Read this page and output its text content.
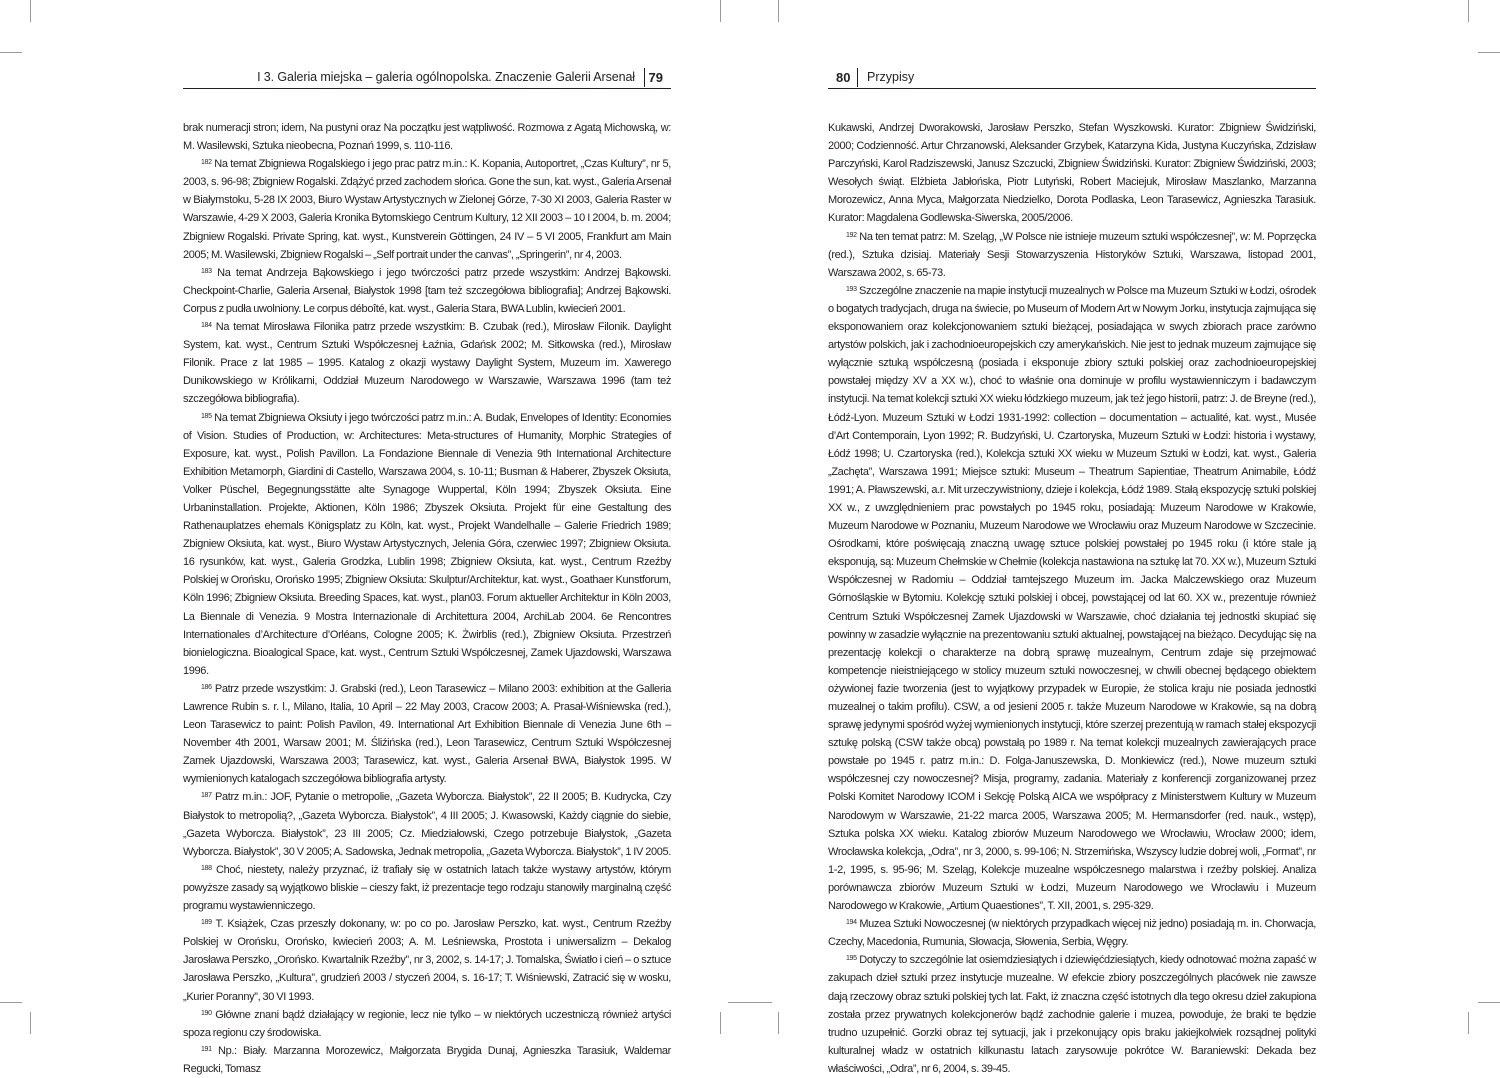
I 3. Galeria miejska – galeria ogólnopolska. Znaczenie Galerii Arsenał 79

brak numeracji stron; idem, Na pustyni oraz Na początku jest wątpliwość. Rozmowa z Agatą Michowską, w: M. Wasilewski, Sztuka nieobecna, Poznań 1999, s. 110-116.

$^{182}$ Na temat Zbigniewa Rogalskiego i jego prac patrz m.in.: K. Kopania, Autoportret, „Czas Kultury”, nr 5, 2003, s. 96-98; Zbigniew Rogalski. Zdążyć przed zachodem słońca. Gone the sun, kat. wyst., Galeria Arsenał w Białymstoku, 5-28 IX 2003, Biuro Wystaw Artystycznych w Zielonej Górze, 7-30 XI 2003, Galeria Raster w Warszawie, 4-29 X 2003, Galeria Kronika Bytomskiego Centrum Kultury, 12 XII 2003 – 10 I 2004, b. m. 2004; Zbigniew Rogalski. Private Spring, kat. wyst., Kunstverein Göttingen, 24 IV – 5 VI 2005, Frankfurt am Main 2005; M. Wasilewski, Zbigniew Rogalski – „Self portrait under the canvas”, „Springerin”, nr 4, 2003.

$^{183}$ Na temat Andrzeja Bąkowskiego i jego twórczości patrz przede wszystkim: Andrzej Bąkowski. Checkpoint-Charlie, Galeria Arsenał, Białystok 1998 [tam też szczegółowa bibliografia]; Andrzej Bąkowski. Corpus z pudła uwolniony. Le corpus déboîté, kat. wyst., Galeria Stara, BWA Lublin, kwiecień 2001.

$^{184}$ Na temat Mirosława Filonika patrz przede wszystkim: B. Czubak (red.), Mirosław Filonik. Daylight System, kat. wyst., Centrum Sztuki Współczesnej Łaźnia, Gdańsk 2002; M. Sitkowska (red.), Mirosław Filonik. Prace z lat 1985 – 1995. Katalog z okazji wystawy Daylight System, Muzeum im. Xawerego Dunikowskiego w Królikarni, Oddział Muzeum Narodowego w Warszawie, Warszawa 1996 (tam też szczegółowa bibliografia).

$^{185}$ Na temat Zbigniewa Oksiuty i jego twórczości patrz m.in.: A. Budak, Envelopes of Identity: Economies of Vision. Studies of Production, w: Architectures: Meta-structures of Humanity, Morphic Strategies of Exposure, kat. wyst., Polish Pavillon. La Fondazione Biennale di Venezia 9th International Architecture Exhibition Metamorph, Giardini di Castello, Warszawa 2004, s. 10-11; Busman & Haberer, Zbyszek Oksiuta, Volker Püschel, Begegnungsstätte alte Synagoge Wuppertal, Köln 1994; Zbyszek Oksiuta. Eine Urbaninstallation. Projekte, Aktionen, Köln 1986; Zbyszek Oksiuta. Projekt für eine Gestaltung des Rathenauplatzes ehemals Königsplatz zu Köln, kat. wyst., Projekt Wandelhalle – Galerie Friedrich 1989; Zbigniew Oksiuta, kat. wyst., Biuro Wystaw Artystycznych, Jelenia Góra, czerwiec 1997; Zbigniew Oksiuta. 16 rysunków, kat. wyst., Galeria Grodzka, Lublin 1998; Zbigniew Oksiuta, kat. wyst., Centrum Rzeźby Polskiej w Orońsku, Orońsko 1995; Zbigniew Oksiuta: Skulptur/Architektur, kat. wyst., Goathaer Kunstforum, Köln 1996; Zbigniew Oksiuta. Breeding Spaces, kat. wyst., plan03. Forum aktueller Architektur in Köln 2003, La Biennale di Venezia. 9 Mostra Internazionale di Architettura 2004, ArchiLab 2004. 6e Rencontres Internationales d’Architecture d’Orléans, Cologne 2005; K. Żwirblis (red.), Zbigniew Oksiuta. Przestrzeń bionielogiczna. Bioalogical Space, kat. wyst., Centrum Sztuki Współczesnej, Zamek Ujazdowski, Warszawa 1996.

$^{186}$ Patrz przede wszystkim: J. Grabski (red.), Leon Tarasewicz – Milano 2003: exhibition at the Galleria Lawrence Rubin s. r. l., Milano, Italia, 10 April – 22 May 2003, Cracow 2003; A. Prasał-Wiśniewska (red.), Leon Tarasewicz to paint: Polish Pavilon, 49. International Art Exhibition Biennale di Venezia June 6th – November 4th 2001, Warsaw 2001; M. Śliźińska (red.), Leon Tarasewicz, Centrum Sztuki Współczesnej Zamek Ujazdowski, Warszawa 2003; Tarasewicz, kat. wyst., Galeria Arsenał BWA, Białystok 1995. W wymienionych katalogach szczegółowa bibliografia artysty.

$^{187}$ Patrz m.in.: JOF, Pytanie o metropolie, „Gazeta Wyborcza. Białystok”, 22 II 2005; B. Kudrycka, Czy Białystok to metropolią?, „Gazeta Wyborcza. Białystok”, 4 III 2005; J. Kwasowski, Każdy ciągnie do siebie, „Gazeta Wyborcza. Białystok”, 23 III 2005; Cz. Miedziałowski, Czego potrzebuje Białystok, „Gazeta Wyborcza. Białystok”, 30 V 2005; A. Sadowska, Jednak metropolia, „Gazeta Wyborcza. Białystok”, 1 IV 2005.

$^{188}$ Choć, niestety, należy przyznać, iż trafiały się w ostatnich latach także wystawy artystów, którym powyższe zasady są wyjątkowo bliskie – cieszy fakt, iż prezentacje tego rodzaju stanowiły marginalną część programu wystawienniczego.

$^{189}$ T. Książek, Czas przeszły dokonany, w: po co po. Jarosław Perszko, kat. wyst., Centrum Rzeźby Polskiej w Orońsku, Orońsko, kwiecień 2003; A. M. Leśniewska, Prostota i uniwersalizm – Dekalog Jarosława Perszko, „Orońsko. Kwartalnik Rzeźby”, nr 3, 2002, s. 14-17; J. Tomalska, Światło i cień – o sztuce Jarosława Perszko, „Kultura”, grudzień 2003 / styczeń 2004, s. 16-17; T. Wiśniewski, Zatracić się w wosku, „Kurier Poranny”, 30 VI 1993.

$^{190}$ Główne znani bądź działający w regionie, lecz nie tylko – w niektórych uczestniczą również artyści spoza regionu czy środowiska.

$^{191}$ Np.: Biały. Marzanna Morozewicz, Małgorzata Brygida Dunaj, Agnieszka Tarasiuk, Waldemar Regucki, Tomasz

80 Przypisy

Kukawski, Andrzej Dworakowski, Jarosław Perszko, Stefan Wyszkowski. Kurator: Zbigniew Świdziński, 2000; Codzienność. Artur Chrzanowski, Aleksander Grzybek, Katarzyna Kida, Justyna Kuczyńska, Zdzisław Parczyński, Karol Radziszewski, Janusz Szczucki, Zbigniew Świdziński. Kurator: Zbigniew Świdziński, 2003; Wesołych świąt. Elżbieta Jabłońska, Piotr Lutyński, Robert Maciejuk, Mirosław Maszlanko, Marzanna Morozewicz, Anna Myca, Małgorzata Niedzielko, Dorota Podlaska, Leon Tarasewicz, Agnieszka Tarasiuk. Kurator: Magdalena Godlewska-Siwerska, 2005/2006.

$^{192}$ Na ten temat patrz: M. Szeląg, „W Polsce nie istnieje muzeum sztuki współczesnej”, w: M. Poprzęcka (red.), Sztuka dzisiaj. Materiały Sesji Stowarzyszenia Historyków Sztuki, Warszawa, listopad 2001, Warszawa 2002, s. 65-73.

$^{193}$ Szczególne znaczenie na mapie instytucji muzealnych w Polsce ma Muzeum Sztuki w Łodzi, ośrodek o bogatych tradycjach, druga na świecie, po Museum of Modern Art w Nowym Jorku, instytucja zajmująca się eksponowaniem oraz kolekcjonowaniem sztuki bieżącej, posiadająca w swych zbiorach prace zarówno artystów polskich, jak i zachodnioeuropejskich czy amerykańskich. Nie jest to jednak muzeum zajmujące się wyłącznie sztuką współczesną (posiada i eksponuje zbiory sztuki polskiej oraz zachodnioeuropejskiej powstałej między XV a XX w.), choć to właśnie ona dominuje w profilu wystawienniczym i badawczym instytucji. Na temat kolekcji sztuki XX wieku łódzkiego muzeum, jak też jego historii, patrz: J. de Breyne (red.), Łódź-Lyon. Muzeum Sztuki w Łodzi 1931-1992: collection – documentation – actualité, kat. wyst., Musée d’Art Contemporain, Lyon 1992; R. Budzyński, U. Czartoryska, Muzeum Sztuki w Łodzi: historia i wystawy, Łódź 1998; U. Czartoryska (red.), Kolekcja sztuki XX wieku w Muzeum Sztuki w Łodzi, kat. wyst., Galeria „Zachęta”, Warszawa 1991; Miejsce sztuki: Museum – Theatrum Sapientiae, Theatrum Animabile, Łódź 1991; A. Pławszewski, a.r. Mit urzeczywistniony, dzieje i kolekcja, Łódź 1989. Stałą ekspozycję sztuki polskiej XX w., z uwzględnieniem prac powstałych po 1945 roku, posiadają: Muzeum Narodowe w Krakowie, Muzeum Narodowe w Poznaniu, Muzeum Narodowe we Wrocławiu oraz Muzeum Narodowe w Szczecinie. Ośrodkami, które poświęcają znaczną uwagę sztuce polskiej powstałej po 1945 roku (i które stale ją eksponują, są: Muzeum Chełmskie w Chełmie (kolekcja nastawiona na sztukę lat 70. XX w.), Muzeum Sztuki Współczesnej w Radomiu – Oddział tamtejszego Muzeum im. Jacka Malczewskiego oraz Muzeum Górnośląskie w Bytomiu. Kolekcję sztuki polskiej i obcej, powstającej od lat 60. XX w., prezentuje również Centrum Sztuki Współczesnej Zamek Ujazdowski w Warszawie, choć działania tej jednostki skupiać się powinny w zasadzie wyłącznie na prezentowaniu sztuki aktualnej, powstającej na bieżąco. Decydując się na prezentację kolekcji o charakterze na dobrą sprawę muzealnym, Centrum zdaje się przejmować kompetencje nieistniejącego w stolicy muzeum sztuki nowoczesnej, w chwili obecnej będącego obiektem ożywionej fazie tworzenia (jest to wyjątkowy przypadek w Europie, że stolica kraju nie posiada jednostki muzealnej o takim profilu). CSW, a od jesieni 2005 r. także Muzeum Narodowe w Krakowie, są na dobrą sprawę jedynymi spośród wyżej wymienionych instytucji, które szerzej prezentują w ramach stałej ekspozycji sztukę polską (CSW także obcą) powstałą po 1989 r. Na temat kolekcji muzealnych zawierających prace powstałe po 1945 r. patrz m.in.: D. Folga-Januszewska, D. Monkiewicz (red.), Nowe muzeum sztuki współczesnej czy nowoczesnej? Misja, programy, zadania. Materiały z konferencji zorganizowanej przez Polski Komitet Narodowy ICOM i Sekcję Polską AICA we współpracy z Ministerstwem Kultury w Muzeum Narodowym w Warszawie, 21-22 marca 2005, Warszawa 2005; M. Hermansdorfer (red. nauk., wstęp), Sztuka polska XX wieku. Katalog zbiorów Muzeum Narodowego we Wrocławiu, Wrocław 2000; idem, Wrocławska kolekcja, „Odra”, nr 3, 2000, s. 99-106; N. Strzemińska, Wszyscy ludzie dobrej woli, „Format”, nr 1-2, 1995, s. 95-96; M. Szeląg, Kolekcje muzealne współczesnego malarstwa i rzeźby polskiej. Analiza porównawcza zbiorów Muzeum Sztuki w Łodzi, Muzeum Narodowego we Wrocławiu i Muzeum Narodowego w Krakowie, „Artium Quaestiones”, T. XII, 2001, s. 295-329.

$^{194}$ Muzea Sztuki Nowoczesnej (w niektórych przypadkach więcej niż jedno) posiadają m. in. Chorwacja, Czechy, Macedonia, Rumunia, Słowacja, Słowenia, Serbia, Węgry.

$^{195}$ Dotyczy to szczególnie lat osiemdziesiątych i dziewięćdziesiątych, kiedy odnotować można zapaść w zakupach dzieł sztuki przez instytucje muzealne. W efekcie zbiory poszczególnych placówek nie zawsze dają rzeczowy obraz sztuki polskiej tych lat. Fakt, iż znaczna część istotnych dla tego okresu dzieł zakupiona została przez prywatnych kolekcjonerów bądź zachodnie galerie i muzea, powoduje, że braki te będzie trudno uzupełnić. Gorzki obraz tej sytuacji, jak i przekonujący opis braku jakiejkolwiek rozsądnej polityki kulturalnej władz w ostatnich kilkunastu latach zarysowuje pokrótce W. Baraniewski: Dekada bez właściwości, „Odra”, nr 6, 2004, s. 39-45.
